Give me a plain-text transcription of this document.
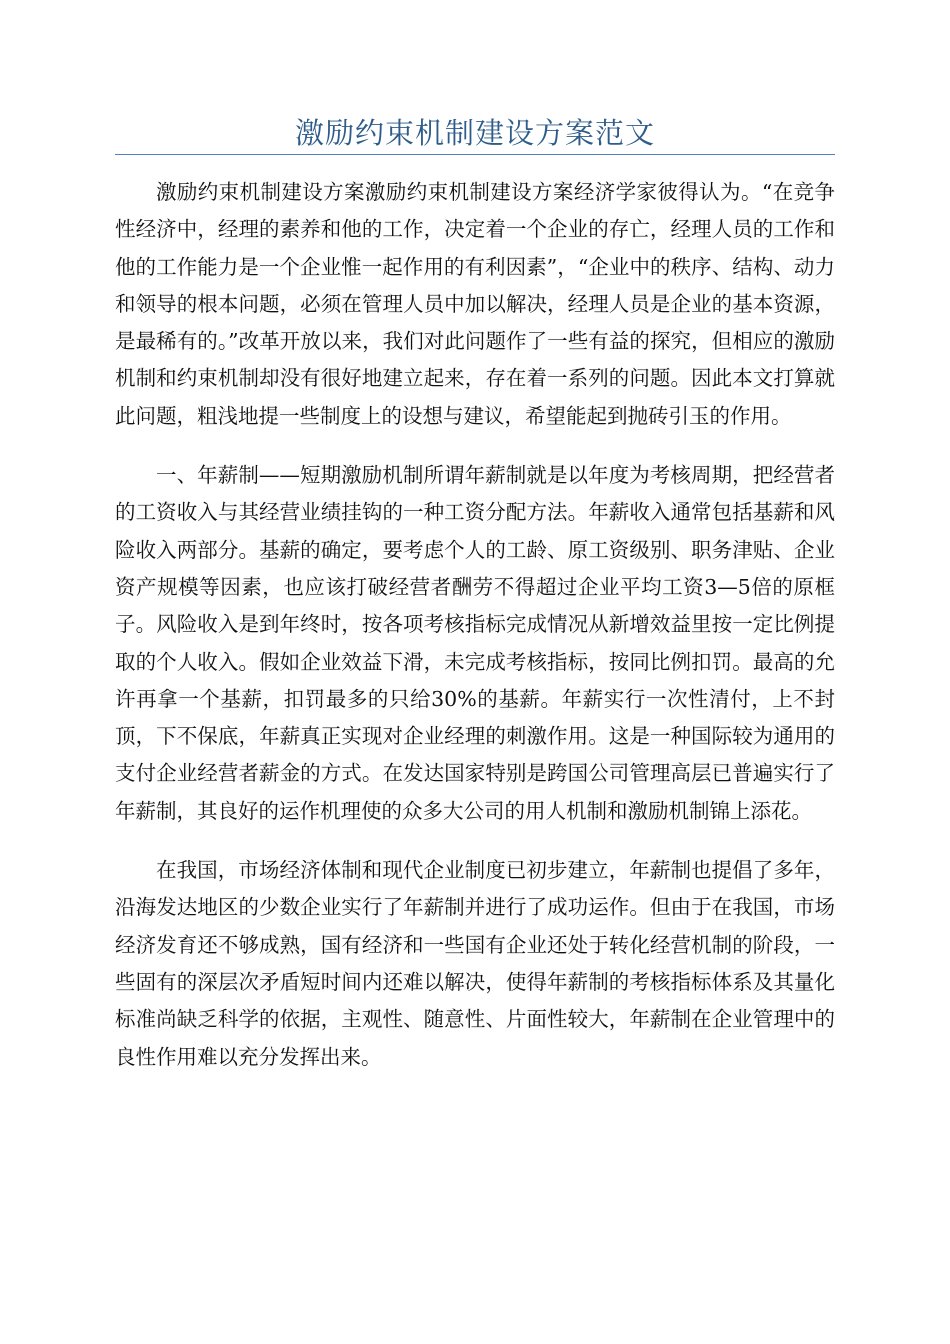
激励约束机制建设方案范文

激励约束机制建设方案激励约束机制建设方案经济学家彼得认为。“在竞争性经济中，经理的素养和他的工作，决定着一个企业的存亡，经理人员的工作和他的工作能力是一个企业惟一起作用的有利因素”，“企业中的秩序、结构、动力和领导的根本问题，必须在管理人员中加以解决，经理人员是企业的基本资源，是最稀有的。”改革开放以来，我们对此问题作了一些有益的探究，但相应的激励机制和约束机制却没有很好地建立起来，存在着一系列的问题。因此本文打算就此问题，粗浅地提一些制度上的设想与建议，希望能起到抛砖引玉的作用。

一、年薪制——短期激励机制所谓年薪制就是以年度为考核周期，把经营者的工资收入与其经营业绩挂钩的一种工资分配方法。年薪收入通常包括基薪和风险收入两部分。基薪的确定，要考虑个人的工龄、原工资级别、职务津贴、企业资产规模等因素，也应该打破经营者酬劳不得超过企业平均工资3—5倍的原框子。风险收入是到年终时，按各项考核指标完成情况从新增效益里按一定比例提取的个人收入。假如企业效益下滑，未完成考核指标，按同比例扣罚。最高的允许再拿一个基薪，扣罚最多的只给30%的基薪。年薪实行一次性清付，上不封顶，下不保底，年薪真正实现对企业经理的刺激作用。这是一种国际较为通用的支付企业经营者薪金的方式。在发达国家特别是跨国公司管理高层已普遍实行了年薪制，其良好的运作机理使的众多大公司的用人机制和激励机制锦上添花。

在我国，市场经济体制和现代企业制度已初步建立，年薪制也提倡了多年，沿海发达地区的少数企业实行了年薪制并进行了成功运作。但由于在我国，市场经济发育还不够成熟，国有经济和一些国有企业还处于转化经营机制的阶段，一些固有的深层次矛盾短时间内还难以解决，使得年薪制的考核指标体系及其量化标准尚缺乏科学的依据，主观性、随意性、片面性较大，年薪制在企业管理中的良性作用难以充分发挥出来。
